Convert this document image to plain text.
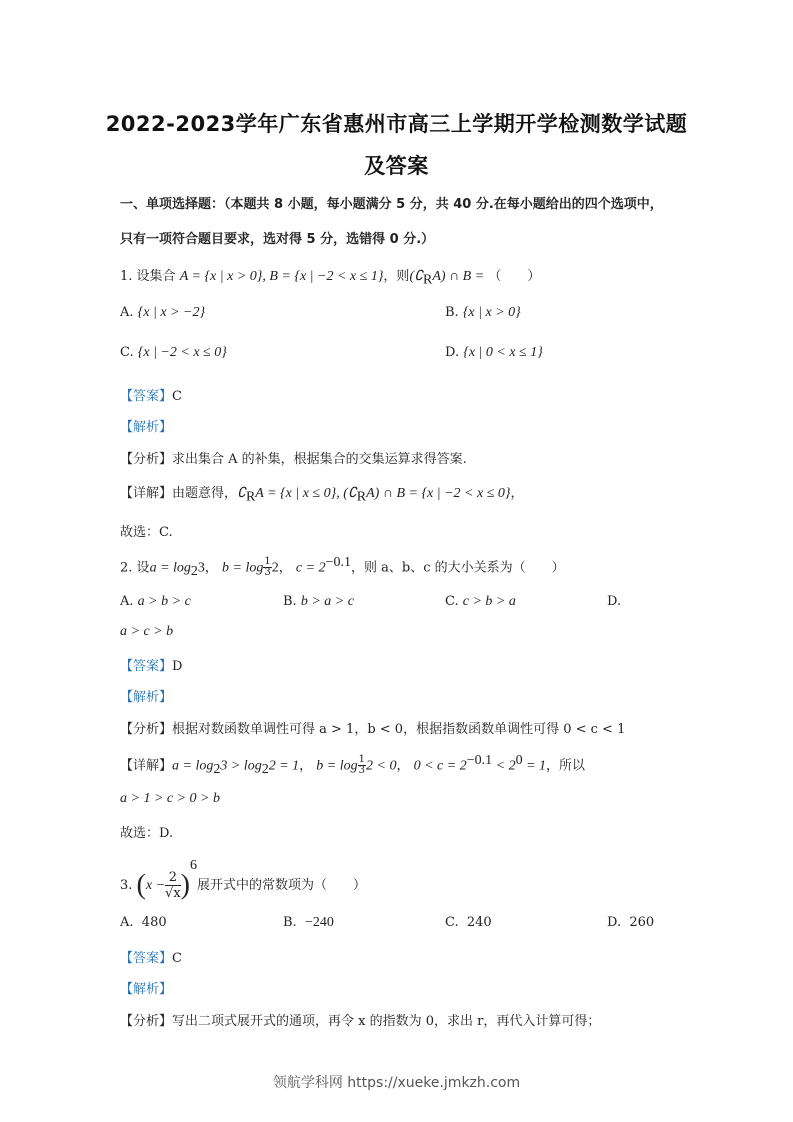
2022-2023学年广东省惠州市高三上学期开学检测数学试题
及答案
一、单项选择题：（本题共 8 小题，每小题满分 5 分，共 40 分.在每小题给出的四个选项中，
只有一项符合题目要求，选对得 5 分，选错得 0 分.）
1. 设集合 A = {x | x > 0}, B = {x | −2 < x ≤ 1}，则$(∁_RA)$ ∩ B = （　　）
A. {x | x > −2}	B. {x | x > 0}
C. {x | −2 < x ≤ 0}	D. {x | 0 < x ≤ 1}
【答案】C
【解析】
【分析】求出集合 A 的补集，根据集合的交集运算求得答案.
【详解】由题意得，$∁_RA = \{x$ | x ≤ 0}, $(∁_RA)$ ∩ B = {x | −2 < x ≤ 0}，
故选：C.
2. 设$a = \log_23$， $b = \log \frac{1}{3} 2$， $c = 2^{-0.1}$，则 a、b、c 的大小关系为（　　）
A. a > b > c	B. b > a > c	C. c > b > a	D.
a > c > b
【答案】D
【解析】
【分析】根据对数函数单调性可得 a > 1，b < 0，根据指数函数单调性可得 0 < c < 1
【详解】$a = \log_23 > \log_22 = 1$， $b = \log \frac{1}{3} 2 < 0$， $0 < c = 2^{-0.1} < 2^0 = 1$，所以
a > 1 > c > 0 > b
故选：D.
3. $(x - \frac{2}{√x} )^6$展开式中的常数项为（　　）
A. 480	B. −240	C. 240	D. 260
【答案】C
【解析】
【分析】写出二项式展开式的通项，再令 x 的指数为 0，求出 r，再代入计算可得；
领航学科网 https://xueke.jmkzh.com
